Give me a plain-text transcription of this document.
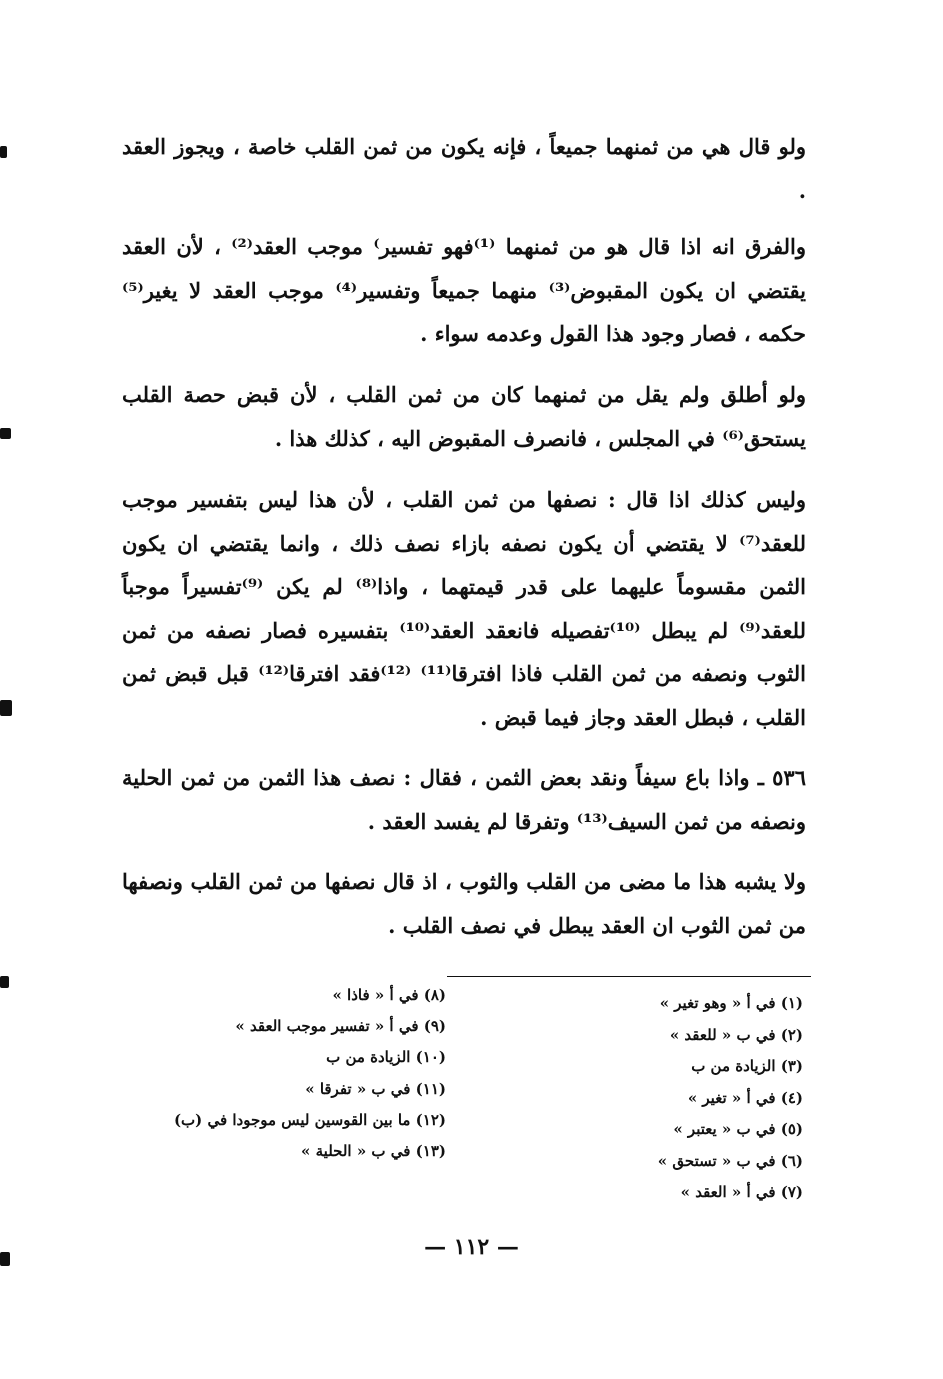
ولو قال هي من ثمنهما جميعاً ، فإنه يكون من ثمن القلب خاصة ، ويجوز العقد .
والفرق انه اذا قال هو من ثمنهما ⁽¹⁾فهو تفسير⁾ موجب العقد⁽²⁾ ، لأن العقد يقتضي ان يكون المقبوض⁽³⁾ منهما جميعاً وتفسير⁽⁴⁾ موجب العقد لا يغير⁽⁵⁾ حكمه ، فصار وجود هذا القول وعدمه سواء .
ولو أطلق ولم يقل من ثمنهما كان من ثمن القلب ، لأن قبض حصة القلب يستحق⁽⁶⁾ في المجلس ، فانصرف المقبوض اليه ، كذلك هذا .
وليس كذلك اذا قال : نصفها من ثمن القلب ، لأن هذا ليس بتفسير موجب للعقد⁽⁷⁾ لا يقتضي أن يكون نصفه بازاء نصف ذلك ، وانما يقتضي ان يكون الثمن مقسوماً عليهما على قدر قيمتهما ، واذا⁽⁸⁾ لم يكن ⁽⁹⁾تفسيراً موجباً للعقد⁽⁹⁾ لم يبطل ⁽¹⁰⁾تفصيله فانعقد العقد⁽¹⁰⁾ بتفسيره فصار نصفه من ثمن الثوب ونصفه من ثمن القلب فاذا افترقا⁽¹¹⁾ ⁽¹²⁾فقد افترقا⁽¹²⁾ قبل قبض ثمن القلب ، فبطل العقد وجاز فيما قبض .
٥٣٦ ـ واذا باع سيفاً ونقد بعض الثمن ، فقال : نصف هذا الثمن من ثمن الحلية ونصفه من ثمن السيف⁽¹³⁾ وتفرقا لم يفسد العقد .
ولا يشبه هذا ما مضى من القلب والثوب ، اذ قال نصفها من ثمن القلب ونصفها من ثمن الثوب ان العقد يبطل في نصف القلب .
(١) في أ « وهو تغير »
(٢) في ب « للعقد »
(٣) الزيادة من ب
(٤) في أ « تغير »
(٥) في ب « يعتبر »
(٦) في ب « تستحق »
(٧) في أ « العقد »
(٨) في أ « فاذا »
(٩) في أ « تفسير موجب العقد »
(١٠) الزيادة من ب
(١١) في ب « تفرقا »
(١٢) ما بين القوسين ليس موجودا في (ب)
(١٣) في ب « الحلية »
— ١١٢ —
